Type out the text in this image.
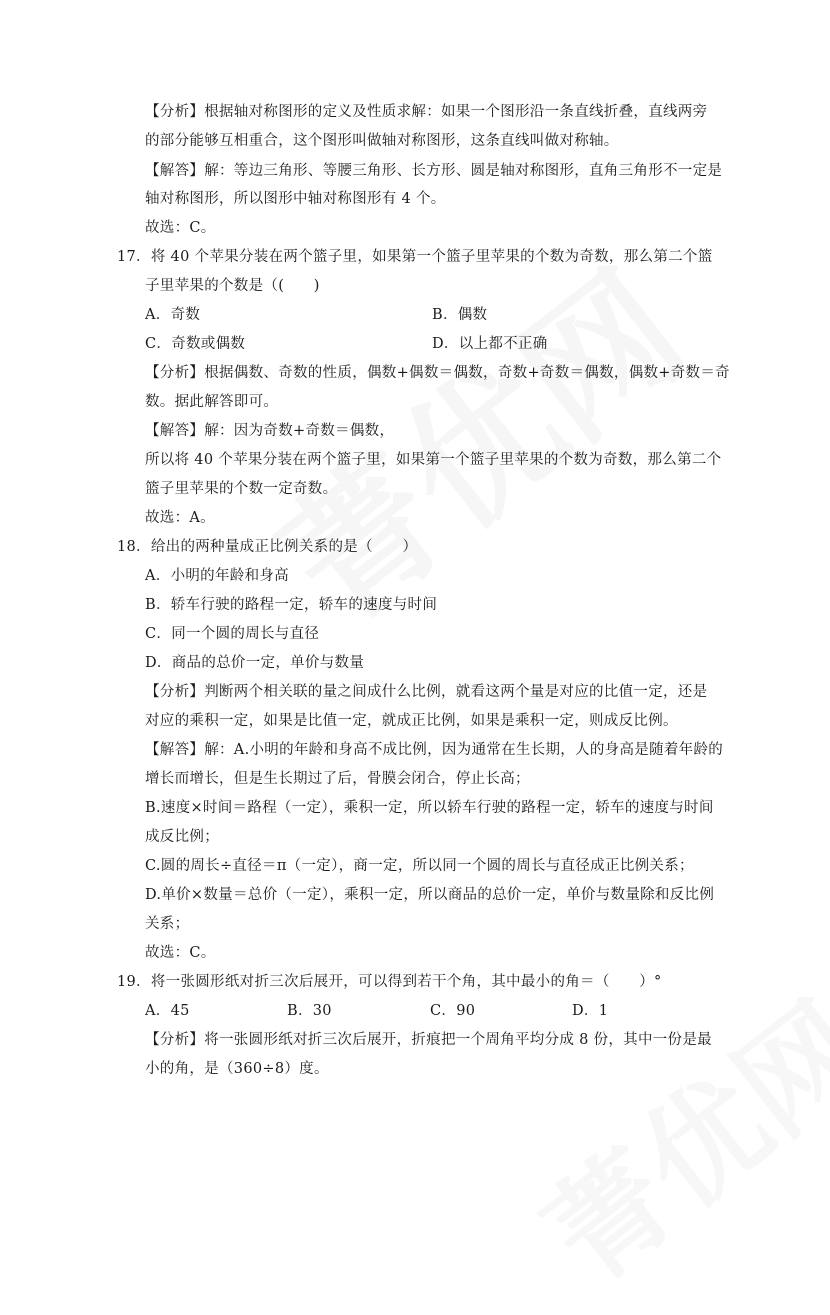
【分析】根据轴对称图形的定义及性质求解：如果一个图形沿一条直线折叠，直线两旁
的部分能够互相重合，这个图形叫做轴对称图形，这条直线叫做对称轴。
【解答】解：等边三角形、等腰三角形、长方形、圆是轴对称图形，直角三角形不一定是
轴对称图形，所以图形中轴对称图形有 4 个。
故选：C。
17．将 40 个苹果分装在两个篮子里，如果第一个篮子里苹果的个数为奇数，那么第二个篮
子里苹果的个数是（(　　)
A．奇数	B．偶数
C．奇数或偶数	D．以上都不正确
【分析】根据偶数、奇数的性质，偶数+偶数＝偶数，奇数+奇数＝偶数，偶数+奇数＝奇
数。据此解答即可。
【解答】解：因为奇数+奇数＝偶数，
所以将 40 个苹果分装在两个篮子里，如果第一个篮子里苹果的个数为奇数，那么第二个
篮子里苹果的个数一定奇数。
故选：A。
18．给出的两种量成正比例关系的是（　　）
A．小明的年龄和身高
B．轿车行驶的路程一定，轿车的速度与时间
C．同一个圆的周长与直径
D．商品的总价一定，单价与数量
【分析】判断两个相关联的量之间成什么比例，就看这两个量是对应的比值一定，还是
对应的乘积一定，如果是比值一定，就成正比例，如果是乘积一定，则成反比例。
【解答】解：A.小明的年龄和身高不成比例，因为通常在生长期，人的身高是随着年龄的
增长而增长，但是生长期过了后，骨膜会闭合，停止长高；
B.速度×时间＝路程（一定），乘积一定，所以轿车行驶的路程一定，轿车的速度与时间
成反比例；
C.圆的周长÷直径＝π（一定），商一定，所以同一个圆的周长与直径成正比例关系；
D.单价×数量＝总价（一定），乘积一定，所以商品的总价一定，单价与数量除和反比例
关系；
故选：C。
19．将一张圆形纸对折三次后展开，可以得到若干个角，其中最小的角＝（　　）°
A．45	B．30	C．90	D．1
【分析】将一张圆形纸对折三次后展开，折痕把一个周角平均分成 8 份，其中一份是最
小的角，是（360÷8）度。
